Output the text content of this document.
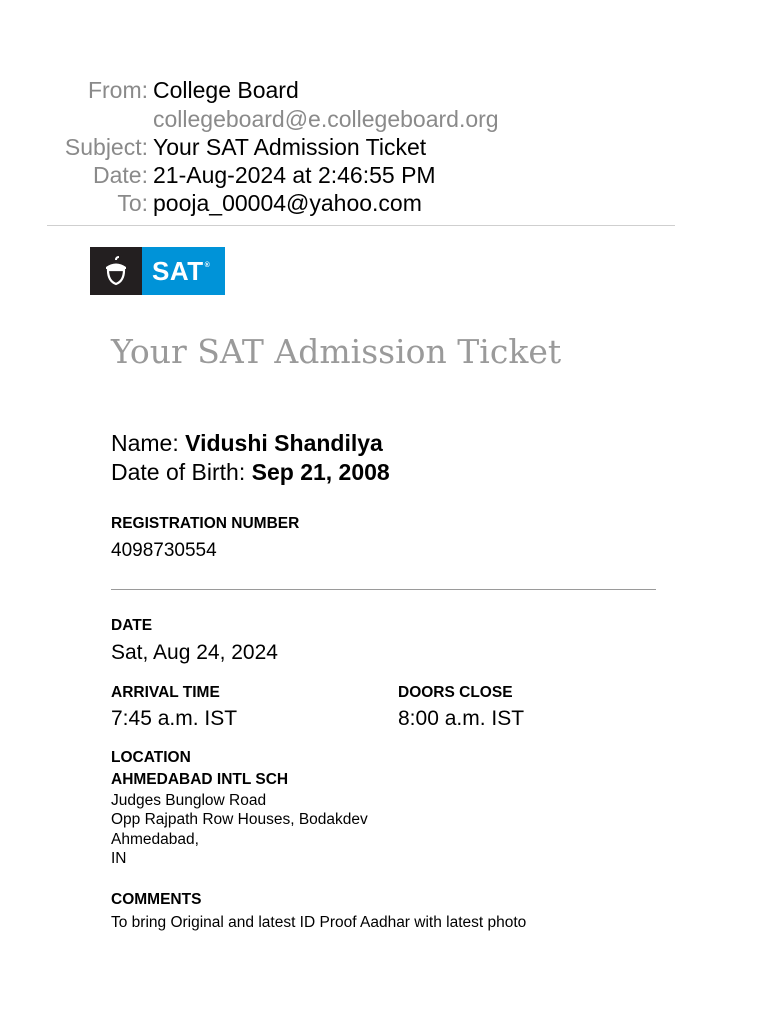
From: College Board
collegeboard@e.collegeboard.org
Subject: Your SAT Admission Ticket
Date: 21-Aug-2024 at 2:46:55 PM
To: pooja_00004@yahoo.com
SAT®
Your SAT Admission Ticket
Name: Vidushi Shandilya
Date of Birth: Sep 21, 2008
REGISTRATION NUMBER
4098730554
DATE
Sat, Aug 24, 2024
ARRIVAL TIME
7:45 a.m. IST
DOORS CLOSE
8:00 a.m. IST
LOCATION
AHMEDABAD INTL SCH
Judges Bunglow Road
Opp Rajpath Row Houses, Bodakdev
Ahmedabad,
IN
COMMENTS
To bring Original and latest ID Proof Aadhar with latest photo
